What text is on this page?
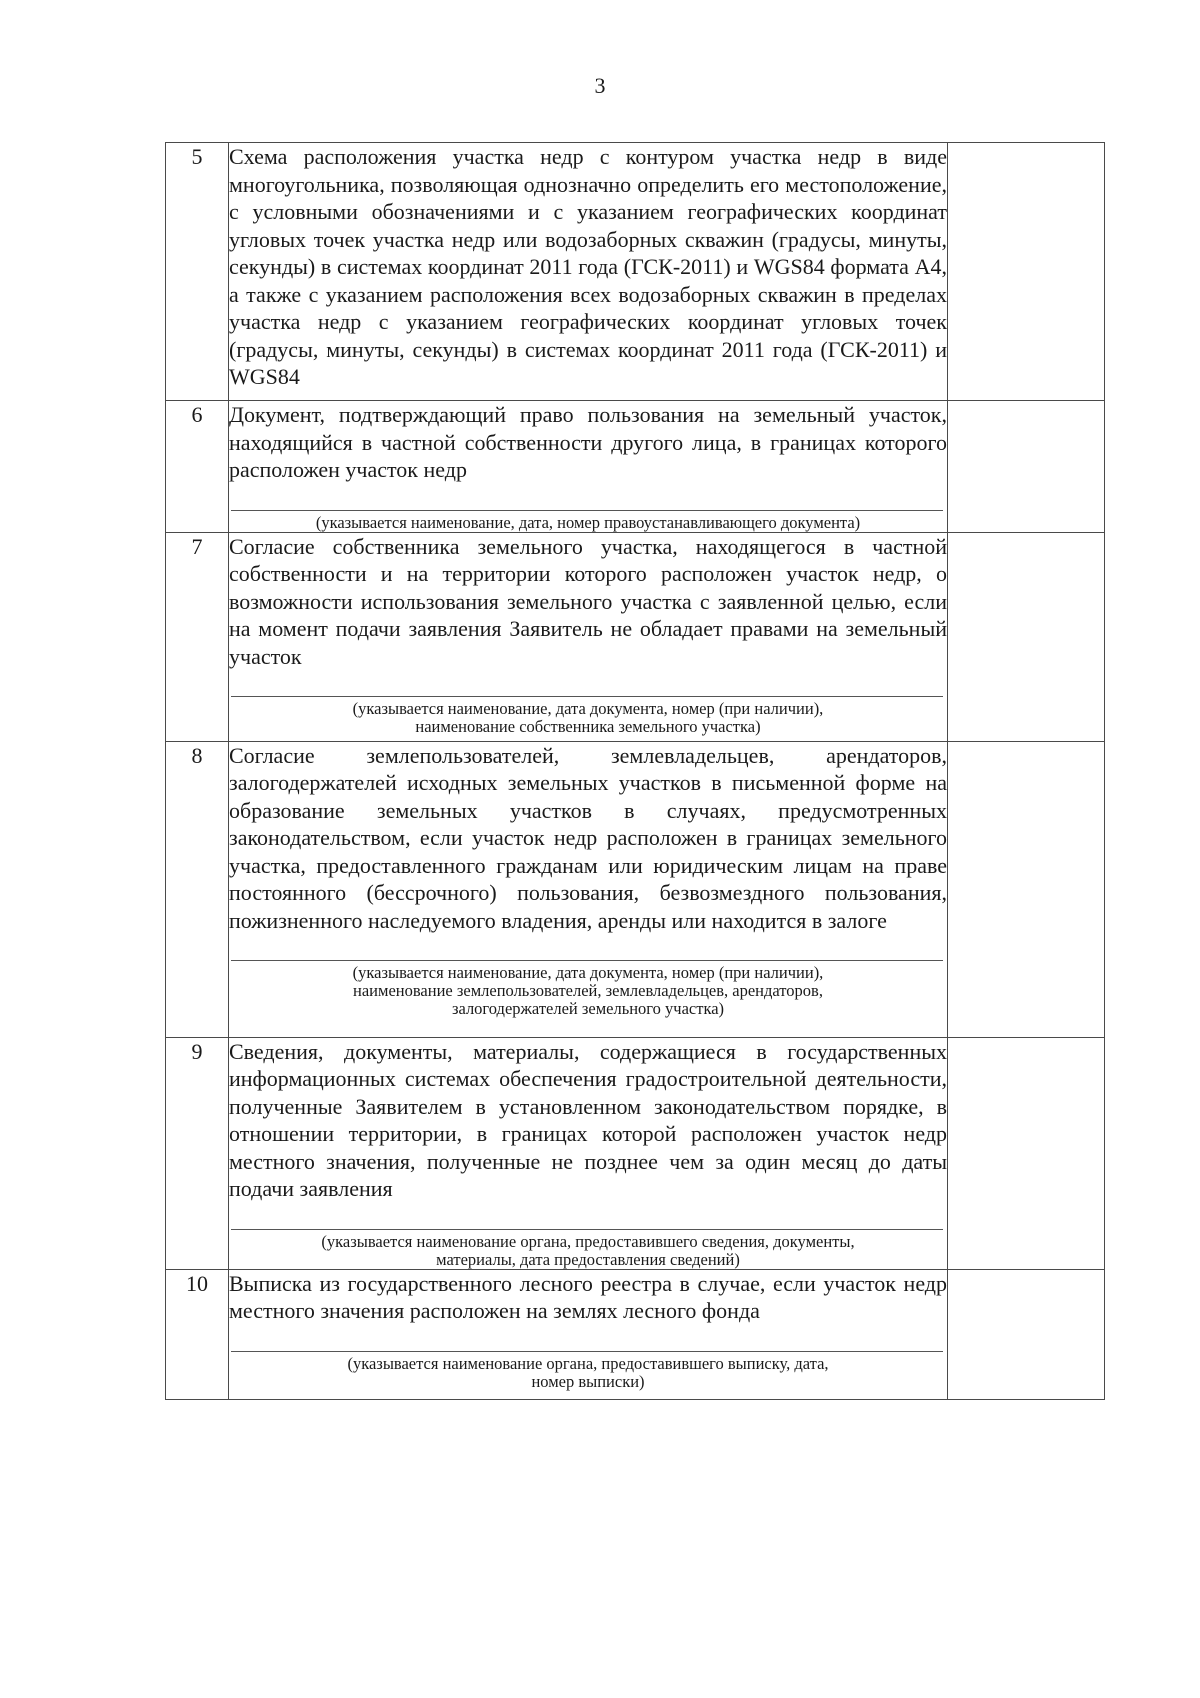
3
5	Схема расположения участка недр с контуром участка недр в виде многоугольника, позволяющая однозначно определить его местоположение, с условными обозначениями и с указанием географических координат угловых точек участка недр или водозаборных скважин (градусы, минуты, секунды) в системах координат 2011 года (ГСК-2011) и WGS84 формата А4, а также с указанием расположения всех водозаборных скважин в пределах участка недр с указанием географических координат угловых точек (градусы, минуты, секунды) в системах координат 2011 года (ГСК-2011) и WGS84	

6	Документ, подтверждающий право пользования на земельный участок, находящийся в частной собственности другого лица, в границах которого расположен участок недр

(указывается наименование, дата, номер правоустанавливающего документа)	

7	Согласие собственника земельного участка, находящегося в частной собственности и на территории которого расположен участок недр, о возможности использования земельного участка с заявленной целью, если на момент подачи заявления Заявитель не обладает правами на земельный участок

(указывается наименование, дата документа, номер (при наличии),
наименование собственника земельного участка)	

8	Согласие землепользователей, землевладельцев, арендаторов, залогодержателей исходных земельных участков в письменной форме на образование земельных участков в случаях, предусмотренных законодательством, если участок недр расположен в границах земельного участка, предоставленного гражданам или юридическим лицам на праве постоянного (бессрочного) пользования, безвозмездного пользования, пожизненного наследуемого владения, аренды или находится в залоге

(указывается наименование, дата документа, номер (при наличии),
наименование землепользователей, землевладельцев, арендаторов,
залогодержателей земельного участка)	

9	Сведения, документы, материалы, содержащиеся в государственных информационных системах обеспечения градостроительной деятельности, полученные Заявителем в установленном законодательством порядке, в отношении территории, в границах которой расположен участок недр местного значения, полученные не позднее чем за один месяц до даты подачи заявления

(указывается наименование органа, предоставившего сведения, документы,
материалы, дата предоставления сведений)	

10	Выписка из государственного лесного реестра в случае, если участок недр местного значения расположен на землях лесного фонда

(указывается наименование органа, предоставившего выписку, дата,
номер выписки)	
